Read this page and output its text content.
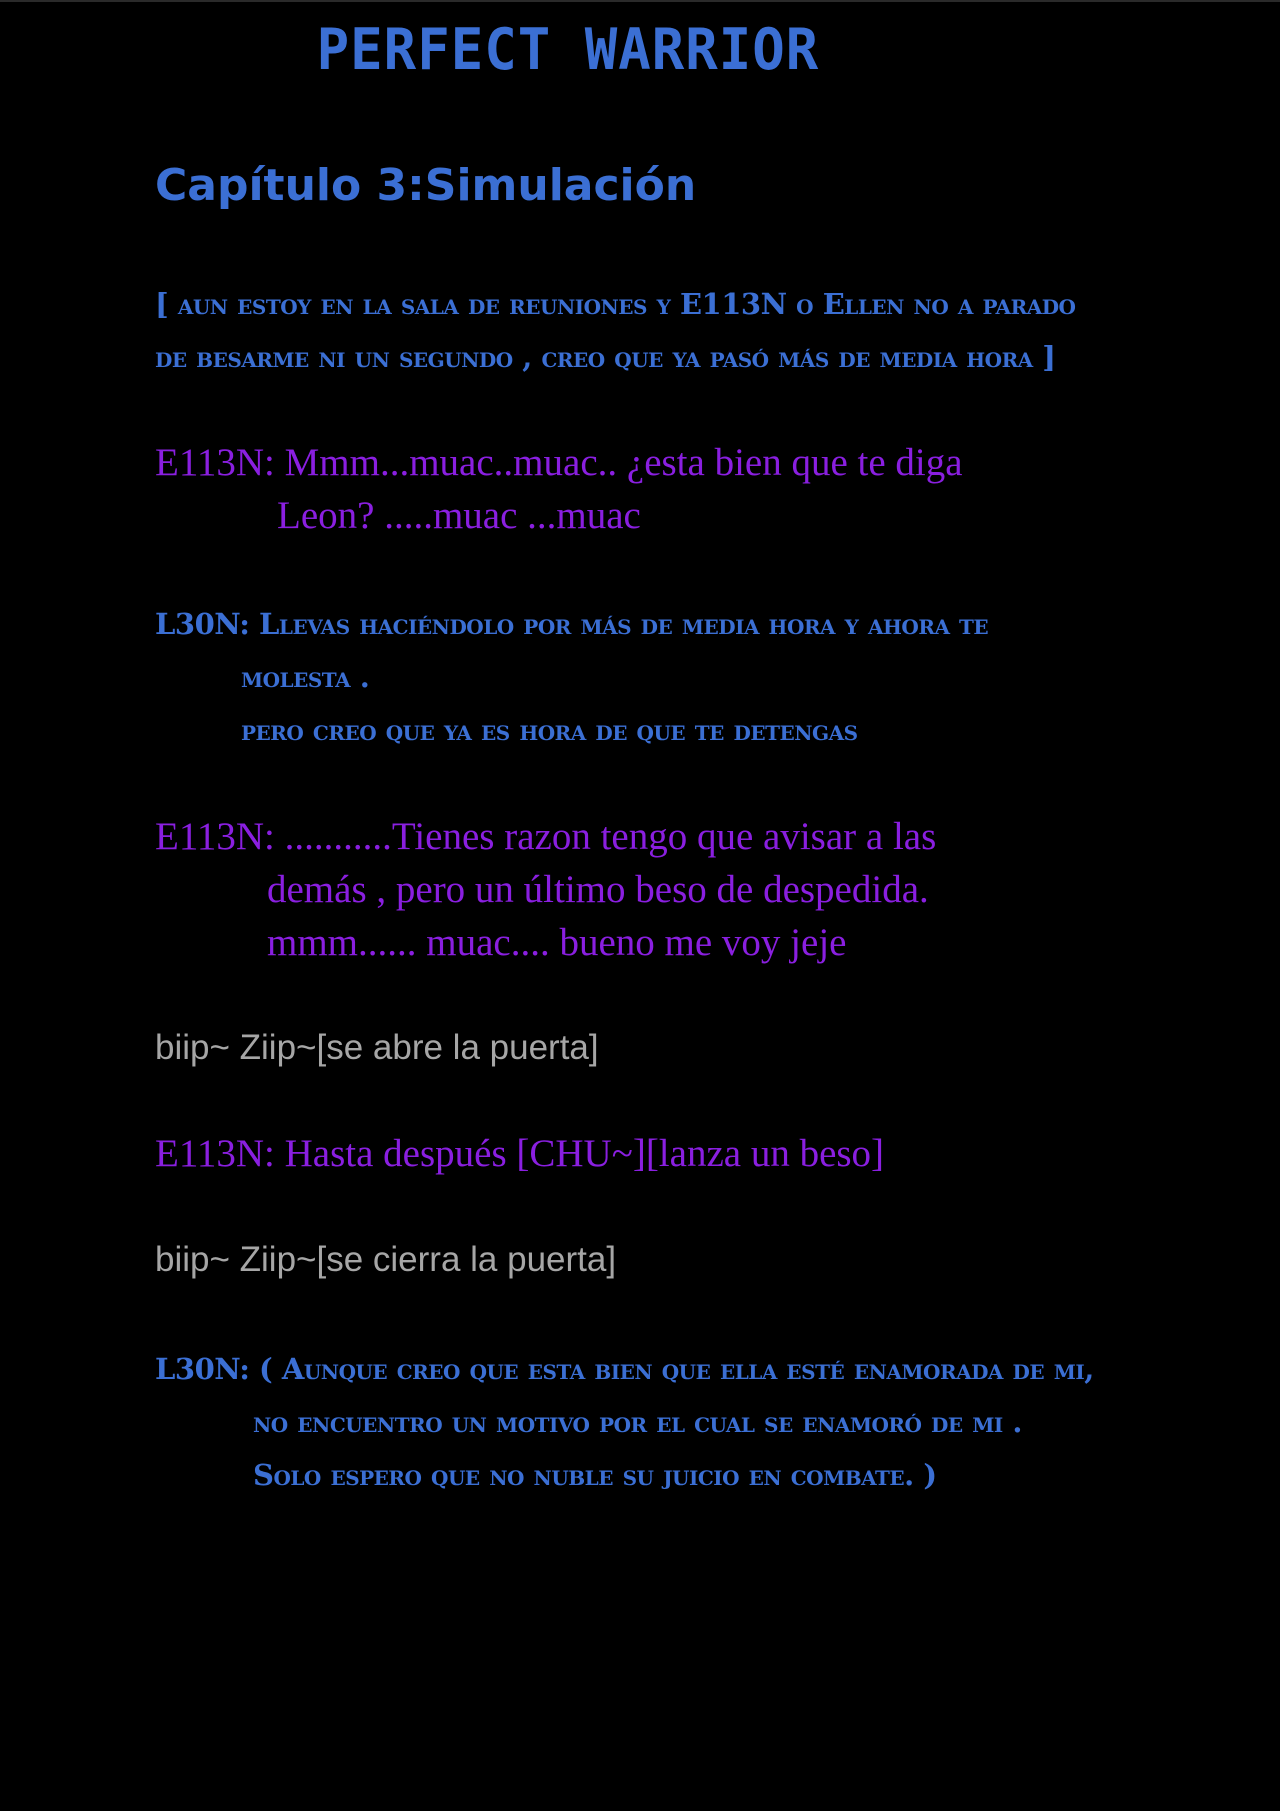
PERFECT WARRIOR
Capítulo 3:Simulación
[ aun estoy en la sala de reuniones y E113N o Ellen no a parado
de besarme ni un segundo , creo que ya pasó más de media hora ]
E113N: Mmm...muac..muac.. ¿esta bien que te diga
Leon? .....muac ...muac
L30N: Llevas haciéndolo por más de media hora y ahora te
molesta .
pero creo que ya es hora de que te detengas
E113N: ...........Tienes razon tengo que avisar a las
demás , pero un último beso de despedida.
mmm...... muac.... bueno me voy jeje
biip~ Ziip~[se abre la puerta]
E113N: Hasta después [CHU~][lanza un beso]
biip~ Ziip~[se cierra la puerta]
L30N: ( Aunque creo que esta bien que ella esté enamorada de mi,
no encuentro un motivo por el cual se enamoró de mi .
Solo espero que no nuble su juicio en combate. )
